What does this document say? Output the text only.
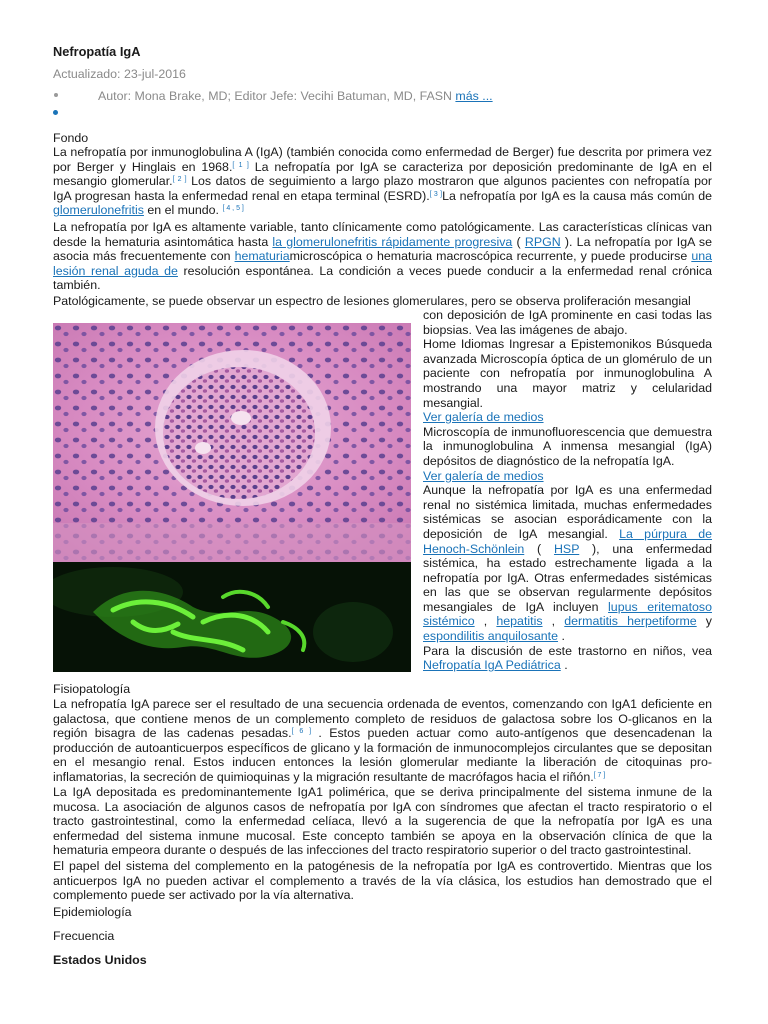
Nefropatía IgA
Actualizado: 23-jul-2016
Autor: Mona Brake, MD; Editor Jefe: Vecihi Batuman, MD, FASN más ...
Fondo
La nefropatía por inmunoglobulina A (IgA) (también conocida como enfermedad de Berger) fue descrita por primera vez por Berger y Hinglais en 1968.[ 1 ] La nefropatía por IgA se caracteriza por deposición predominante de IgA en el mesangio glomerular.[ 2 ] Los datos de seguimiento a largo plazo mostraron que algunos pacientes con nefropatía por IgA progresan hasta la enfermedad renal en etapa terminal (ESRD).[ 3 ]La nefropatía por IgA es la causa más común de glomerulonefritis en el mundo. [ 4 , 5 ]
La nefropatía por IgA es altamente variable, tanto clínicamente como patológicamente. Las características clínicas van desde la hematuria asintomática hasta la glomerulonefritis rápidamente progresiva ( RPGN ). La nefropatía por IgA se asocia más frecuentemente con hematuriamicroscópica o hematuria macroscópica recurrente, y puede producirse una lesión renal aguda de resolución espontánea. La condición a veces puede conducir a la enfermedad renal crónica también.
Patológicamente, se puede observar un espectro de lesiones glomerulares, pero se observa proliferación mesangial
con deposición de IgA prominente en casi todas las biopsias. Vea las imágenes de abajo.
Home Idiomas Ingresar a Epistemonikos Búsqueda avanzada Microscopía óptica de un glomérulo de un paciente con nefropatía por inmunoglobulina A mostrando una mayor matriz y celularidad mesangial.
Ver galería de medios
Microscopía de inmunofluorescencia que demuestra la inmunoglobulina A inmensa mesangial (IgA) depósitos de diagnóstico de la nefropatía IgA.
Ver galería de medios
Aunque la nefropatía por IgA es una enfermedad renal no sistémica limitada, muchas enfermedades sistémicas se asocian esporádicamente con la deposición de IgA mesangial. La púrpura de Henoch-Schönlein ( HSP ), una enfermedad sistémica, ha estado estrechamente ligada a la nefropatía por IgA. Otras enfermedades sistémicas en las que se observan regularmente depósitos mesangiales de IgA incluyen lupus eritematoso sistémico , hepatitis , dermatitis herpetiforme y espondilitis anquilosante .
Para la discusión de este trastorno en niños, vea Nefropatía IgA Pediátrica .
Fisiopatología
La nefropatía IgA parece ser el resultado de una secuencia ordenada de eventos, comenzando con IgA1 deficiente en galactosa, que contiene menos de un complemento completo de residuos de galactosa sobre los O-glicanos en la región bisagra de las cadenas pesadas.[ 6 ] . Estos pueden actuar como auto-antígenos que desencadenan la producción de autoanticuerpos específicos de glicano y la formación de inmunocomplejos circulantes que se depositan en el mesangio renal. Estos inducen entonces la lesión glomerular mediante la liberación de citoquinas pro-inflamatorias, la secreción de quimioquinas y la migración resultante de macrófagos hacia el riñón.[ 7 ]
La IgA depositada es predominantemente IgA1 polimérica, que se deriva principalmente del sistema inmune de la mucosa. La asociación de algunos casos de nefropatía por IgA con síndromes que afectan el tracto respiratorio o el tracto gastrointestinal, como la enfermedad celíaca, llevó a la sugerencia de que la nefropatía por IgA es una enfermedad del sistema inmune mucosal. Este concepto también se apoya en la observación clínica de que la hematuria empeora durante o después de las infecciones del tracto respiratorio superior o del tracto gastrointestinal.
El papel del sistema del complemento en la patogénesis de la nefropatía por IgA es controvertido. Mientras que los anticuerpos IgA no pueden activar el complemento a través de la vía clásica, los estudios han demostrado que el complemento puede ser activado por la vía alternativa.
Epidemiología
Frecuencia
Estados Unidos
